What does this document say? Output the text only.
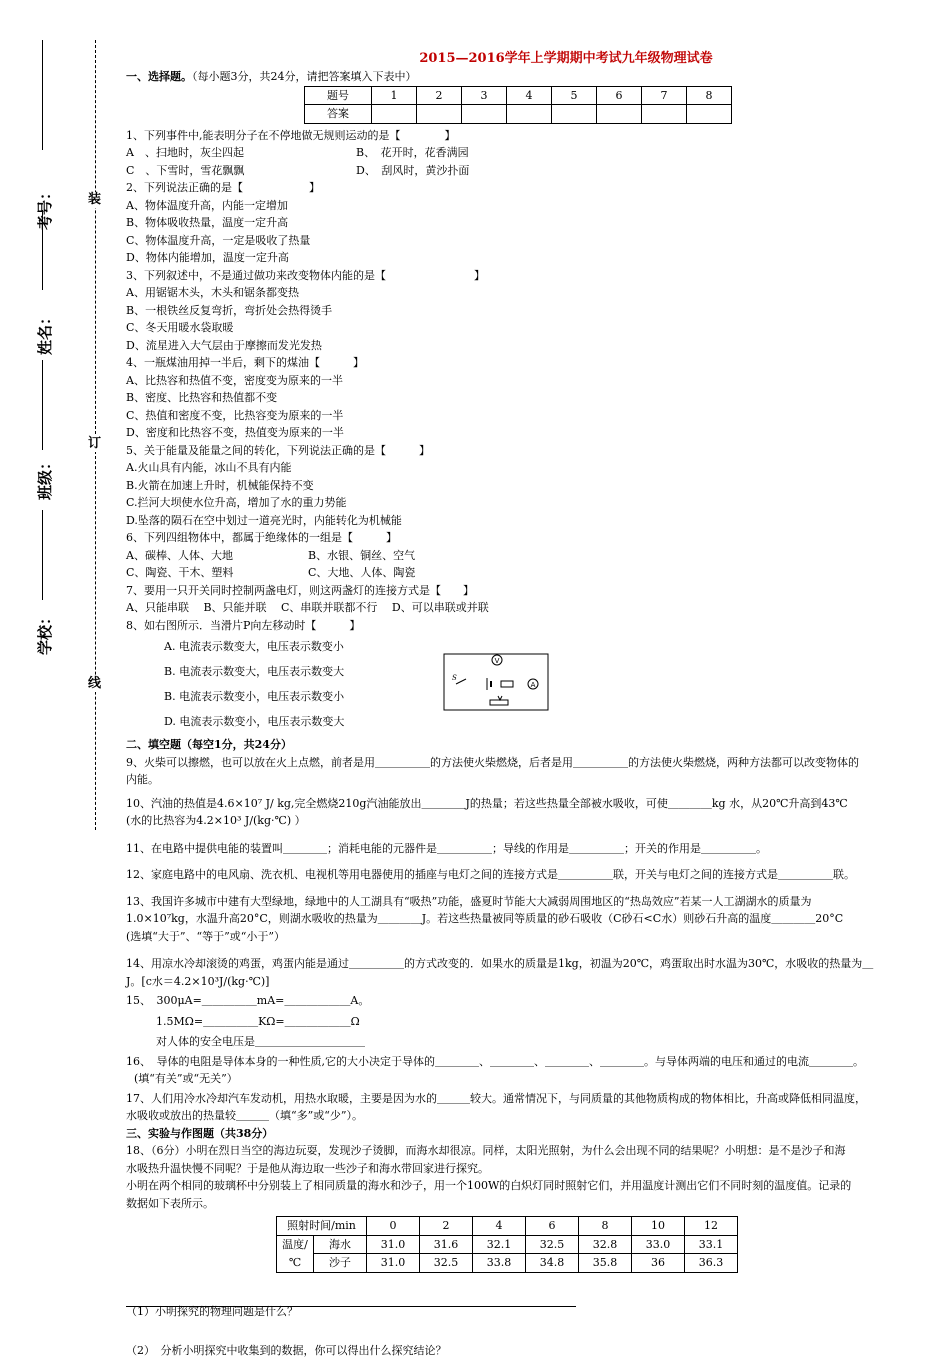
装
订
线
考号：
姓名：
班级：
学校：
2015—2016学年上学期期中考试九年级物理试卷
一、选择题。（每小题3分，共24分，请把答案填入下表中）
题号	1	2	3	4	5	6	7	8
答案								
1、下列事件中,能表明分子在不停地做无规则运动的是【　　　　】
A　、扫地时，灰尘四起	B、　花开时，花香满园
C　、下雪时，雪花飘飘	D、　刮风时，黄沙扑面
2、下列说法正确的是【　　　　　　】
A、物体温度升高，内能一定增加
B、物体吸收热量，温度一定升高
C、物体温度升高，一定是吸收了热量
D、物体内能增加，温度一定升高
3、下列叙述中，不是通过做功来改变物体内能的是【　　　　　　　　】
A、用锯锯木头，木头和锯条都变热
B、一根铁丝反复弯折，弯折处会热得烫手
C、冬天用暖水袋取暖
D、流星进入大气层由于摩擦而发光发热
4、一瓶煤油用掉一半后，剩下的煤油【　　　】
A、比热容和热值不变，密度变为原来的一半
B、密度、比热容和热值都不变
C、热值和密度不变，比热容变为原来的一半
D、密度和比热容不变，热值变为原来的一半
5、关于能量及能量之间的转化，下列说法正确的是【　　　】
A.火山具有内能，冰山不具有内能
B.火箭在加速上升时，机械能保持不变
C.拦河大坝使水位升高，增加了水的重力势能
D.坠落的陨石在空中划过一道亮光时，内能转化为机械能
6、下列四组物体中，都属于绝缘体的一组是【　　　】
A、碳棒、人体、大地	B、水银、铜丝、空气
C、陶瓷、干木、塑料	C、大地、人体、陶瓷
7、要用一只开关同时控制两盏电灯，则这两盏灯的连接方式是【　　】
A、只能串联　 B、只能并联　 C、串联并联都不行　 D、可以串联或并联
8、如右图所示．当滑片P向左移动时【　　　】
A. 电流表示数变大，电压表示数变小
B. 电流表示数变大，电压表示数变大
B. 电流表示数变小，电压表示数变小
D. 电流表示数变小，电压表示数变大
V
A
S
二、填空题（每空1分，共24分）
9、火柴可以擦燃，也可以放在火上点燃，前者是用＿＿＿＿＿的方法使火柴燃烧，后者是用＿＿＿＿＿的方法使火柴燃烧，两种方法都可以改变物体的
内能。
10、汽油的热值是4.6×10⁷ J/ kg,完全燃烧210g汽油能放出＿＿＿＿J的热量；若这些热量全部被水吸收，可使＿＿＿＿kg 水，从20℃升高到43℃
(水的比热容为4.2×10³ J/(kg·℃) ）
11、在电路中提供电能的装置叫＿＿＿＿；消耗电能的元器件是＿＿＿＿＿；导线的作用是＿＿＿＿＿；开关的作用是＿＿＿＿＿。
12、家庭电路中的电风扇、洗衣机、电视机等用电器使用的插座与电灯之间的连接方式是＿＿＿＿＿联，开关与电灯之间的连接方式是＿＿＿＿＿联。
13、我国许多城市中建有大型绿地，绿地中的人工湖具有“吸热”功能，盛夏时节能大大减弱周围地区的“热岛效应”若某一人工湖湖水的质量为
1.0×10⁷kg，水温升高20°C，则湖水吸收的热量为＿＿＿＿J。若这些热量被同等质量的砂石吸收（C砂石<C水）则砂石升高的温度＿＿＿＿20°C
(选填“大于”、“等于”或“小于”）
14、用凉水冷却滚烫的鸡蛋，鸡蛋内能是通过＿＿＿＿＿的方式改变的．如果水的质量是1kg，初温为20℃，鸡蛋取出时水温为30℃，水吸收的热量为＿
J。[c水＝4.2×10³J/(kg·℃)]
15、　300μA=＿＿＿＿＿mA=＿＿＿＿＿＿A。
1.5MΩ=＿＿＿＿＿KΩ=＿＿＿＿＿＿Ω
对人体的安全电压是＿＿＿＿＿＿＿＿＿＿
16、　导体的电阻是导体本身的一种性质,它的大小决定于导体的＿＿＿＿、＿＿＿＿、＿＿＿＿、＿＿＿＿。与导体两端的电压和通过的电流＿＿＿＿。
(填“有关”或“无关”）
17、人们用冷水冷却汽车发动机，用热水取暖，主要是因为水的＿＿＿较大。通常情况下，与同质量的其他物质构成的物体相比，升高或降低相同温度，
水吸收或放出的热量较＿＿＿（填“多”或“少”）。
三、实验与作图题（共38分）
18、（6分）小明在烈日当空的海边玩耍，发现沙子烫脚，而海水却很凉。同样，太阳光照射，为什么会出现不同的结果呢？小明想：是不是沙子和海
水吸热升温快慢不同呢？于是他从海边取一些沙子和海水带回家进行探究。
小明在两个相同的玻璃杯中分别装上了相同质量的海水和沙子，用一个100W的白炽灯同时照射它们，并用温度计测出它们不同时刻的温度值。记录的
数据如下表所示。
照射时间/min		0	2	4	6	8	10	12

温度/
℃	海水	31.0	31.6	32.1	32.5	32.8	33.0	33.1
	沙子	31.0	32.5	33.8	34.8	35.8	36	36.3
（1）小明探究的物理问题是什么？
（2）　分析小明探究中收集到的数据，你可以得出什么探究结论？
